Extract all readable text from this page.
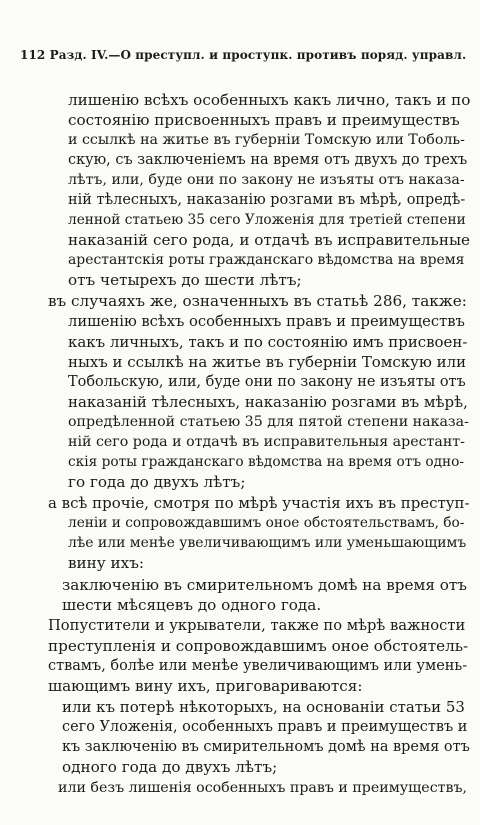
112 Разд. IV.—О преступл. и проступк. противъ поряд. управл.
лишенію всѣхъ особенныхъ какъ лично, такъ и по
состоянію присвоенныхъ правъ и преимуществъ
и ссылкѣ на житье въ губерніи Томскую или Тоболь-
скую, съ заключеніемъ на время отъ двухъ до трехъ
лѣтъ, или, буде они по закону не изъяты отъ наказа-
ній тѣлесныхъ, наказанію розгами въ мѣрѣ, опредѣ-
ленной статьею 35 сего Уложенія для третіей степени
наказаній сего рода, и отдачѣ въ исправительные
арестантскія роты гражданскаго вѣдомства на время
отъ четырехъ до шести лѣтъ;
въ случаяхъ же, означенныхъ въ статьѣ 286, также:
лишенію всѣхъ особенныхъ правъ и преимуществъ
какъ личныхъ, такъ и по состоянію имъ присвоен-
ныхъ и ссылкѣ на житье въ губерніи Томскую или
Тобольскую, или, буде они по закону не изъяты отъ
наказаній тѣлесныхъ, наказанію розгами въ мѣрѣ,
опредѣленной статьею 35 для пятой степени наказа-
ній сего рода и отдачѣ въ исправительныя арестант-
скія роты гражданскаго вѣдомства на время отъ одно-
го года до двухъ лѣтъ;
а всѣ прочіе, смотря по мѣрѣ участія ихъ въ преступ-
леніи и сопровождавшимъ оное обстоятельствамъ, бо-
лѣе или менѣе увеличивающимъ или уменьшающимъ
вину ихъ:
заключенію въ смирительномъ домѣ на время отъ
шести мѣсяцевъ до одного года.
Попустители и укрыватели, также по мѣрѣ важности
преступленія и сопровождавшимъ оное обстоятель-
ствамъ, болѣе или менѣе увеличивающимъ или умень-
шающимъ вину ихъ, приговариваются:
или къ потерѣ нѣкоторыхъ, на основаніи статьи 53
сего Уложенія, особенныхъ правъ и преимуществъ и
къ заключенію въ смирительномъ домѣ на время отъ
одного года до двухъ лѣтъ;
или безъ лишенія особенныхъ правъ и преимуществъ,
